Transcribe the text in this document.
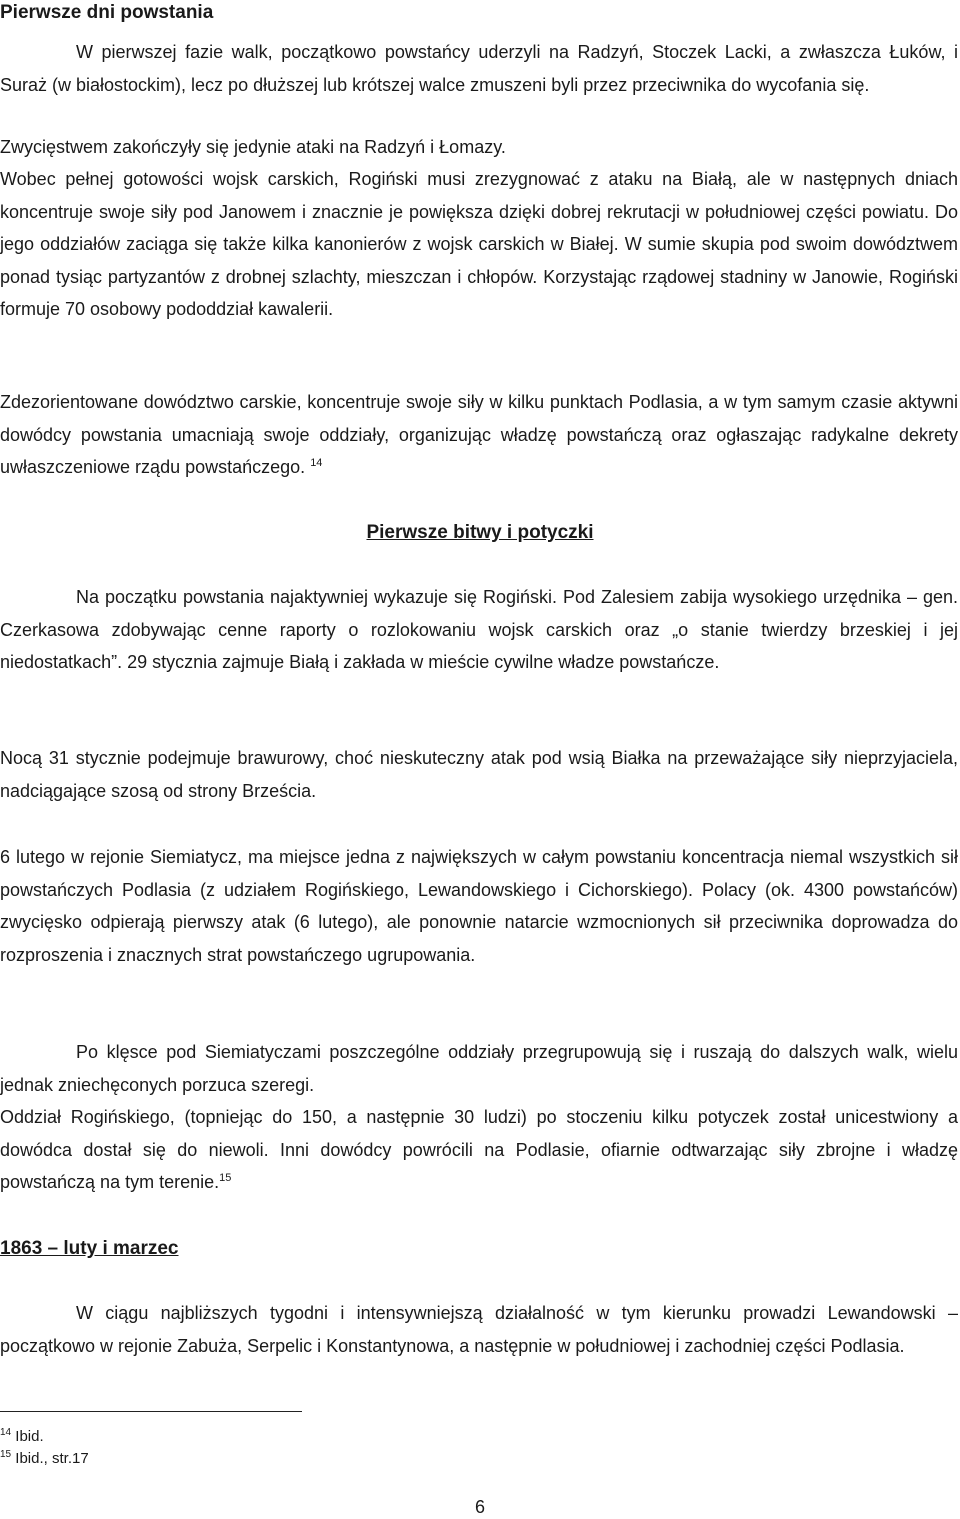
Pierwsze dni powstania

W pierwszej fazie walk, początkowo powstańcy uderzyli na Radzyń, Stoczek Lacki, a zwłaszcza Łuków, i Suraż (w białostockim), lecz po dłuższej lub krótszej walce zmuszeni byli przez przeciwnika do wycofania się.

Zwycięstwem zakończyły się jedynie ataki na Radzyń i Łomazy.

Wobec pełnej gotowości wojsk carskich, Rogiński musi zrezygnować z ataku na Białą, ale w następnych dniach koncentruje swoje siły pod Janowem i znacznie je powiększa dzięki dobrej rekrutacji w południowej części powiatu. Do jego oddziałów zaciąga się także kilka kanonierów z wojsk carskich w Białej. W sumie skupia pod swoim dowództwem ponad tysiąc partyzantów z drobnej szlachty, mieszczan i chłopów. Korzystając rządowej stadniny w Janowie, Rogiński formuje 70 osobowy pododdział kawalerii.

Zdezorientowane dowództwo carskie, koncentruje swoje siły w kilku punktach Podlasia, a w tym samym czasie aktywni dowódcy powstania umacniają swoje oddziały, organizując władzę powstańczą oraz ogłaszając radykalne dekrety uwłaszczeniowe rządu powstańczego. $^{14}$

Pierwsze bitwy i potyczki

Na początku powstania najaktywniej wykazuje się Rogiński. Pod Zalesiem zabija wysokiego urzędnika – gen. Czerkasowa zdobywając cenne raporty o rozlokowaniu wojsk carskich oraz „o stanie twierdzy brzeskiej i jej niedostatkach”. 29 stycznia zajmuje Białą i zakłada w mieście cywilne władze powstańcze.

Nocą 31 stycznie podejmuje brawurowy, choć nieskuteczny atak pod wsią Białka na przeważające siły nieprzyjaciela, nadciągające szosą od strony Brześcia.

6 lutego w rejonie Siemiatycz, ma miejsce jedna z największych w całym powstaniu koncentracja niemal wszystkich sił powstańczych Podlasia (z udziałem Rogińskiego, Lewandowskiego i Cichorskiego). Polacy (ok. 4300 powstańców) zwycięsko odpierają pierwszy atak (6 lutego), ale ponownie natarcie wzmocnionych sił przeciwnika doprowadza do rozproszenia i znacznych strat powstańczego ugrupowania.

Po klęsce pod Siemiatyczami poszczególne oddziały przegrupowują się i ruszają do dalszych walk, wielu jednak zniechęconych porzuca szeregi.

Oddział Rogińskiego, (topniejąc do 150, a następnie 30 ludzi) po stoczeniu kilku potyczek został unicestwiony a dowódca dostał się do niewoli. Inni dowódcy powrócili na Podlasie, ofiarnie odtwarzając siły zbrojne i władzę powstańczą na tym terenie.$^{15}$

1863 – luty i marzec

W ciągu najbliższych tygodni i intensywniejszą działalność w tym kierunku prowadzi Lewandowski – początkowo w rejonie Zabuża, Serpelic i Konstantynowa, a następnie w południowej i zachodniej części Podlasia.

$^{14}$ Ibid.
$^{15}$ Ibid., str.17
6
